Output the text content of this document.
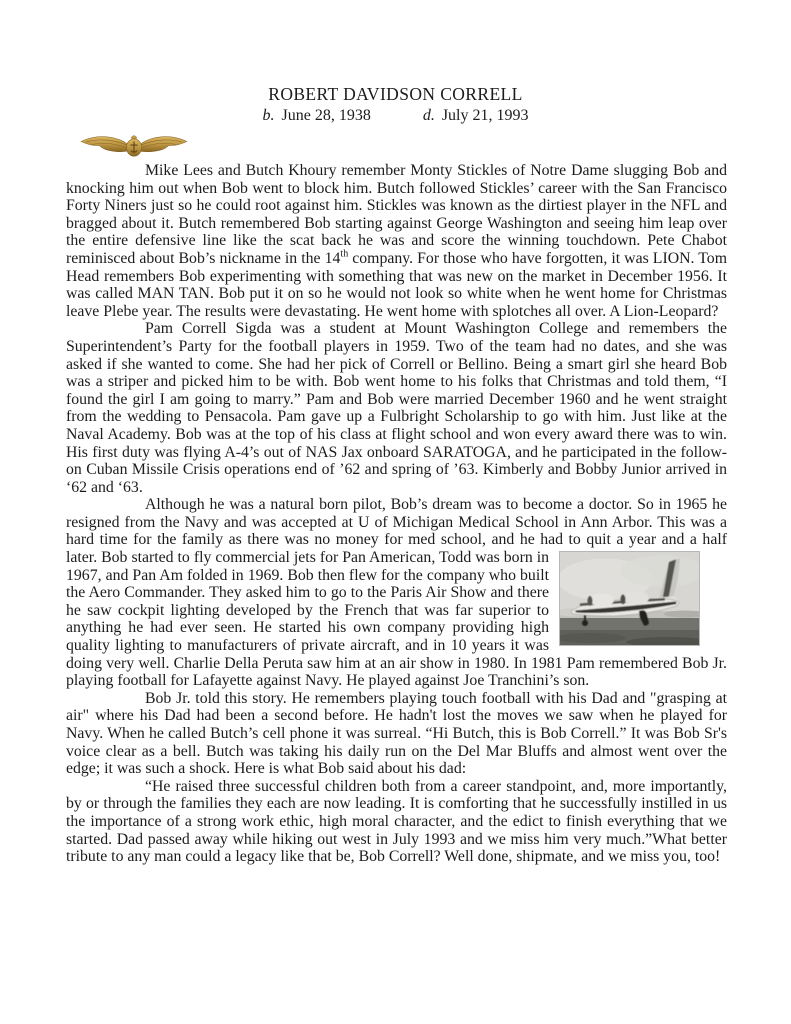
ROBERT DAVIDSON CORRELL
b. June 28, 1938	d. July 21, 1993

Mike Lees and Butch Khoury remember Monty Stickles of Notre Dame slugging Bob and knocking him out when Bob went to block him. Butch followed Stickles’ career with the San Francisco Forty Niners just so he could root against him. Stickles was known as the dirtiest player in the NFL and bragged about it. Butch remembered Bob starting against George Washington and seeing him leap over the entire defensive line like the scat back he was and score the winning touchdown. Pete Chabot reminisced about Bob’s nickname in the 14th company. For those who have forgotten, it was LION. Tom Head remembers Bob experimenting with something that was new on the market in December 1956. It was called MAN TAN. Bob put it on so he would not look so white when he went home for Christmas leave Plebe year. The results were devastating. He went home with splotches all over. A Lion-Leopard?

Pam Correll Sigda was a student at Mount Washington College and remembers the Superintendent’s Party for the football players in 1959. Two of the team had no dates, and she was asked if she wanted to come. She had her pick of Correll or Bellino. Being a smart girl she heard Bob was a striper and picked him to be with. Bob went home to his folks that Christmas and told them, “I found the girl I am going to marry.” Pam and Bob were married December 1960 and he went straight from the wedding to Pensacola. Pam gave up a Fulbright Scholarship to go with him. Just like at the Naval Academy. Bob was at the top of his class at flight school and won every award there was to win. His first duty was flying A-4’s out of NAS Jax onboard SARATOGA, and he participated in the follow-on Cuban Missile Crisis operations end of ’62 and spring of ’63. Kimberly and Bobby Junior arrived in ‘62 and ‘63.

Although he was a natural born pilot, Bob’s dream was to become a doctor. So in 1965 he resigned from the Navy and was accepted at U of Michigan Medical School in Ann Arbor. This was a hard time for the family as there was no money for med school, and he had to quit a
year and a half later. Bob started to fly commercial jets for Pan American, Todd was born in 1967, and Pan Am folded in 1969. Bob then flew for the company who built the Aero Commander. They asked him to go to the Paris Air Show and there he saw cockpit lighting developed by the French that was far superior to anything he had ever seen. He started his own company providing high quality lighting to manufacturers of private aircraft, and in 10 years it was doing very well. Charlie Della Peruta saw him at an air show in 1980. In 1981 Pam remembered Bob Jr. playing football for Lafayette against Navy. He played against Joe Tranchini’s son.

Bob Jr. told this story. He remembers playing touch football with his Dad and "grasping at air" where his Dad had been a second before. He hadn't lost the moves we saw when he played for Navy. When he called Butch’s cell phone it was surreal. “Hi Butch, this is Bob Correll.” It was Bob Sr's voice clear as a bell. Butch was taking his daily run on the Del Mar Bluffs and almost went over the edge; it was such a shock. Here is what Bob said about his dad:

“He raised three successful children both from a career standpoint, and, more importantly, by or through the families they each are now leading. It is comforting that he successfully instilled in us the importance of a strong work ethic, high moral character, and the edict to finish everything that we started. Dad passed away while hiking out west in July 1993 and we miss him very much.”What better tribute to any man could a legacy like that be, Bob Correll? Well done, shipmate, and we miss you, too!
